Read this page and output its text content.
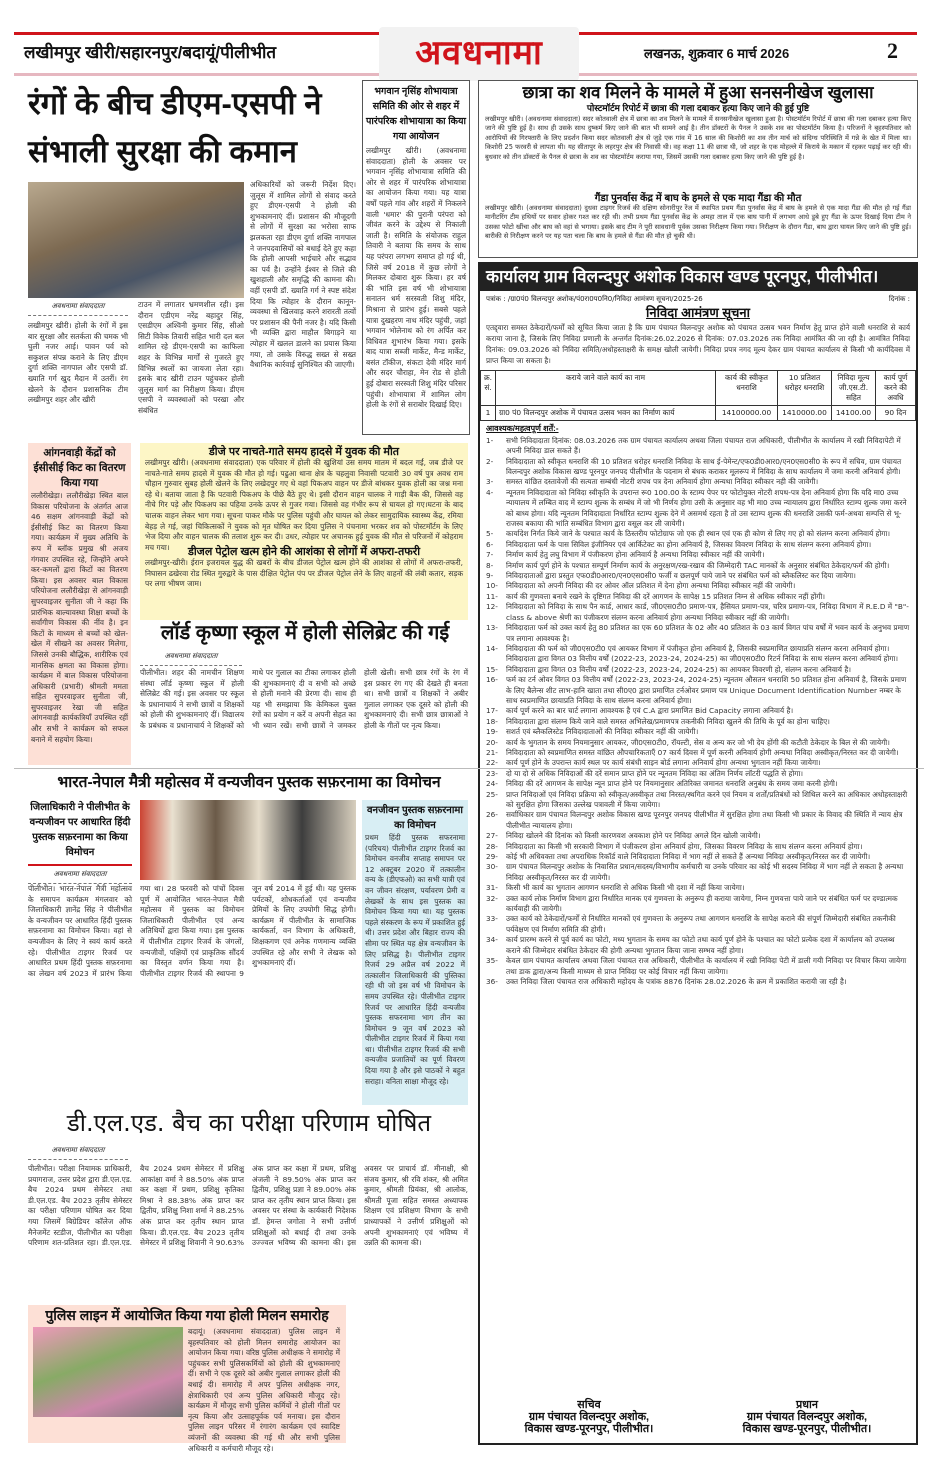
लखीमपुर खीरी/सहारनपुर/बदायूं/पीलीभीत	अवधनामा	लखनऊ, शुक्रवार 6 मार्च 2026	2
रंगों के बीच डीएम-एसपी ने संभाली सुरक्षा की कमान
अवधनामा संवाददाता
लखीमपुर खीरी। होली के रंगों में इस बार सुरक्षा और सतर्कता की चमक भी घुली नजर आई। पावन पर्व को सकुशल संपन्न कराने के लिए डीएम दुर्गा शक्ति नागपाल और एसपी डॉ. ख्याति गर्ग खुद मैदान में उतरीं। रंग खेलने के दौरान प्रशासनिक टीम लखीमपुर शहर और खीरी
टाउन में लगातार भ्रमणशील रही। इस दौरान एडीएम नरेंद्र बहादुर सिंह, एसडीएम अश्विनी कुमार सिंह, सीओ सिटी विवेक तिवारी सहित भारी दल बल शामिल रहे डीएम-एसपी का काफिला शहर के विभिन्न मार्गों से गुजरते हुए विभिन्न स्थलों का जायजा लेता रहा। इसके बाद खीरी टाउन पहुंचकर होली जुलूस मार्ग का निरीक्षण किया। डीएम एसपी ने व्यवस्थाओं को परखा और संबंधित
अधिकारियों को जरूरी निर्देश दिए। जुलूस में शामिल लोगों से संवाद करते हुए डीएम-एसपी ने होली की शुभकामनाएं दीं। प्रशासन की मौजूदगी से लोगों में सुरक्षा का भरोसा साफ झलकता रहा डीएम दुर्गा शक्ति नागपाल ने जनपदवासियों को बधाई देते हुए कहा कि होली आपसी भाईचारे और सद्भाव का पर्व है। उन्होंने ईश्वर से जिले की खुशहाली और समृद्धि की कामना की। वहीं एसपी डॉ. ख्याति गर्ग ने स्पष्ट संदेश दिया कि त्योहार के दौरान कानून-व्यवस्था से खिलवाड़ करने शरारती तत्वों पर प्रशासन की पैनी नजर है। यदि किसी भी व्यक्ति द्वारा माहौल बिगाड़ने या त्योहार में खलल डालने का प्रयास किया गया, तो उसके विरुद्ध सख्त से सख्त वैधानिक कार्रवाई सुनिश्चित की जाएगी।
भगवान नृसिंह शोभायात्रा समिति की ओर से शहर में पारंपरिक शोभायात्रा का किया गया आयोजन
लखीमपुर खीरी। (अवधनामा संवाददाता) होली के अवसर पर भगवान नृसिंह शोभायात्रा समिति की ओर से शहर में पारंपरिक शोभायात्रा का आयोजन किया गया। यह यात्रा वर्षों पहले गांव और शहरों में निकलने वाली 'धमार' की पुरानी परंपरा को जीवंत करने के उद्देश्य से निकाली जाती है। समिति के संयोजक राहुल तिवारी ने बताया कि समय के साथ यह परंपरा लगभग समाप्त हो गई थी, जिसे वर्ष 2018 में कुछ लोगों ने मिलकर दोबारा शुरू किया। हर वर्ष की भांति इस वर्ष भी शोभायात्रा सनातन धर्म सरस्वती शिशु मंदिर, मिश्राना से प्रारंभ हुई। सबसे पहले यात्रा दुखहरण नाथ मंदिर पहुंची, जहां भगवान भोलेनाथ को रंग अर्पित कर विधिवत शुभारंभ किया गया। इसके बाद यात्रा सब्जी मार्केट, मैन्ड मार्केट, बसंत टॉकीज, संकटा देवी मंदिर मार्ग और सदर चौराहा, मेन रोड से होती हुई दोबारा सरस्वती शिशु मंदिर परिसर पहुंची। शोभायात्रा में शामिल लोग होली के रंगों से सराबोर दिखाई दिए।
छात्रा का शव मिलने के मामले में हुआ सनसनीखेज खुलासा
पोस्टमॉर्टम रिपोर्ट में छात्रा की गला दबाकर हत्या किए जाने की हुई पुष्टि
लखीमपुर खीरी। (अवधनामा संवाददाता) सदर कोतवाली क्षेत्र में छात्रा का शव मिलने के मामले में सनसनीखेज खुलासा हुआ है। पोस्टमॉर्टम रिपोर्ट में छात्रा की गला दबाकर हत्या किए जाने की पुष्टि हुई है। साथ ही उसके साथ दुष्कर्म किए जाने की बात भी सामने आई है। तीन डॉक्टरों के पैनल ने उसके शव का पोस्टमॉर्टम किया है। परिजनों ने बृहस्पतिवार को आरोपियों की गिरफ्तारी के लिए प्रदर्शन किया सदर कोतवाली क्षेत्र से जुड़े एक गांव में 16 साल की किशोरी का शव तीन मार्च को संदिग्ध परिस्थिति में गन्ने के खेत में मिला था। किशोरी 25 फरवरी से लापता थी। यह सीतापुर के लहरपुर क्षेत्र की निवासी थी। वह कक्षा 11 की छात्रा थी, जो शहर के एक मोहल्ले में किराये के मकान में रहकर पढ़ाई कर रही थी। बुधवार को तीन डॉक्टरों के पैनल से छात्रा के शव का पोस्टमॉर्टम कराया गया, जिसमें उसकी गला दबाकर हत्या किए जाने की पुष्टि हुई है।
गैंडा पुनर्वास केंद्र में बाघ के हमले से एक मादा गैंडा की मौत
लखीमपुर खीरी। (अवधनामा संवाददाता) दुधवा टाइगर रिजर्व की दक्षिण सोनारीपुर रेंज में स्थापित प्रथम गैंडा पुनर्वास केंद्र में बाघ के हमले से एक मादा गैंडा की मौत हो गई गैंडा मानीटरिंग टीम हथियों पर सवार होकर गश्त कर रही थी। तभी प्रथम गैंडा पुनर्वास केंद्र के अमहा ताल में एक बाघ पानी में लगभग आधे डूबे हुए गैंडा के ऊपर दिखाई दिया टीम ने उसका फोटो खींचा और बाघ को वहां से भगाया। इसके बाद टीम ने पूरी सावधानी पूर्वक उसका निरीक्षण किया गया। निरीक्षण के दौरान गैंडा, बाघ द्वारा घायल किए जाने की पुष्टि हुई। बारीकी से निरीक्षण करने पर यह पता चला कि बाघ के हमले से गैंडा की मौत हो चुकी थी।
कार्यालय ग्राम विलन्दपुर अशोक विकास खण्ड पूरनपुर, पीलीभीत।
पत्रांक : /ग्रा0पं0 विलन्दपुर अशोक/पं0रा0प0नि0/निविदा आमंत्रण सूचना/2025-26	दिनांक :
निविदा आमंत्रण सूचना
एतद्द्वारा समस्त ठेकेदारों/फर्मों को सूचित किया जाता है कि ग्राम पंचायत विलन्दपुर अशोक को पंचायत उत्सव भवन निर्माण हेतु प्राप्त होने वाली धनराशि से कार्य कराया जाना है, जिसके लिए निविदा प्रणाली के अन्तर्गत दिनांक:26.02.2026 से दिनांक: 07.03.2026 तक निविदा आमंत्रित की जा रही है। आमंत्रित निविदा दिनांक: 09.03.2026 को निविदा समिति/अधोहस्ताक्षरी के समक्ष खोली जायेगी। निविदा प्रपत्र नगद मूल्य देकर ग्राम पंचायत कार्यालय से किसी भी कार्यदिवस में प्राप्त किया जा सकता है।
क्र. सं.	कराये जाने वाले कार्य का नाम	कार्य की स्वीकृत धनराशि	10 प्रतिशत धरोहर धनराशि	निविदा मूल्य जी.एस.टी. सहित	कार्य पूर्ण करने की अवधि
1	ग्रा0 पं0 विलन्दपुर अशोक में पंचायत उत्सव भवन का निर्माण कार्य	14100000.00	1410000.00	14100.00	90 दिन
आवश्यक/महत्वपूर्ण शर्तें:-
1-	सभी निविदादाता दिनांक: 08.03.2026 तक ग्राम पंचायत कार्यालय अथवा जिला पंचायत राज अधिकारी, पीलीभीत के कार्यालय में रखी निविदापेटी में अपनी निविदा डाल सकते हैं।
2-	निविदादाता को स्वीकृत धनराशि की 10 प्रतिशत धरोहर धनराशि निविदा के साथ ई-पेमेन्ट/एफ0डी0आर0/एन0एस0सी0 के रूप में सचिव, ग्राम पंचायत विलन्दपुर अशोक विकास खण्ड पूरनपुर जनपद पीलीभीत के पदनाम से बंधक कराकर मूलरूप में निविदा के साथ कार्यालय में जमा करनी अनिवार्य होगी।
3-	समस्त वांछित दस्तावेजों की सत्यता सम्बंधी नोटरी शपथ पत्र देना अनिवार्य होगा अन्यथा निविदा स्वीकार नही की जावेगी।
4-	न्यूनतम निविदादाता को निविदा स्वीकृति के उपरान्त रू0 100.00 के स्टाम्प पेपर पर फोटोयुक्त नोटरी शपथ-पत्र देना अनिवार्य होगा कि यदि मा0 उच्च न्यायालय में लम्बित वाद में स्टाम्प शुल्क के सम्बंध में जो भी निर्णय होगा उसी के अनुसार वह भी मा0 उच्च न्यायालय द्वारा निर्धारित स्टाम्प शुल्क जमा करने को बाध्य होगा। यदि न्यूनतम निविदादाता निर्धारित स्टाम्प शुल्क देने में असमर्थ रहता है तो उस स्टाम्प शुल्क की धनराशि उसकी फर्म-अथवा सम्पत्ति से भू-राजस्व बकाया की भांति सम्बंधित विभाग द्वारा वसूल कर ली जायेगी।
5-	कार्यादेश निर्गत किये जाने के पश्चात कार्य के ठिस्तरीय फोटोग्राफ जो एक ही स्थान एवं एक ही कोण से लिए गए हो को संलग्न करना अनिवार्य होगा।
6-	निविदादाता फर्म के पास सिविल इंजीनियर एवं आर्किटेक्ट का होना अनिवार्य है, जिसका विवरण निविदा के साथ संलग्न करना अनिवार्य होगा।
7-	निर्माण कार्य हेतु लघु विभाग में पंजीकरण होना अनिवार्य है अन्यथा निविदा स्वीकार नहीं की जायेगी।
8-	निर्माण कार्य पूर्ण होने के पश्चात सम्पूर्ण निर्माण कार्य के अनुरक्षण/रख-रखाव की जिम्मेदारी TAC मानकों के अनुसार संबंधित ठेकेदार/फर्म की होगी।
9-	निविदादाताओं द्वारा प्रस्तुत एफ0डी0आर0/एन0एस0सी0 फर्जी व छलपूर्ण पाये जाने पर संबंधित फर्म को ब्लैकलिस्ट कर दिया जायेगा।
10-	निविदादाता को अपनी निविदा की दर ओवर ऑल प्रतिशत में देना होगा अन्यथा निविदा स्वीकार नहीं की जायेगी।
11-	कार्य की गुणवत्ता बनाये रखने के दृष्टिगत निविदा की दरें आगणन के सापेक्ष 15 प्रतिशत निम्न से अधिक स्वीकार नहीं होंगी।
12-	निविदादाता को निविदा के साथ पैन कार्ड, आधार कार्ड, जी0एस0टी0 प्रमाण-पत्र, हैसियत प्रमाण-पत्र, चरित्र प्रमाण-पत्र, निविदा विभाग में R.E.D में "B"- class & above श्रेणी का पंजीकरण संलग्न करना अनिवार्य होगा अन्यथा निविदा स्वीकार नहीं की जायेगी।
13-	निविदादाता फर्म को उक्त कार्य हेतु 80 प्रतिशत का एक 60 प्रतिशत के 02 और 40 प्रतिशत के 03 कार्य विगत पांच वर्षों में भवन कार्य के अनुभव प्रमाण पत्र लगाना आवश्यक है।
14-	निविदादाता की फर्म को जी0एस0टी0 एवं आयकर विभाग में पंजीकृत होना अनिवार्य है, जिसकी स्वप्रमाणित छायाप्रति संलग्न करना अनिवार्य होगा। निविदादाता द्वारा विगत 03 वित्तीय वर्षों (2022-23, 2023-24, 2024-25) का जी0एस0टी0 रिटर्न निविदा के साथ संलग्न करना अनिवार्य होगा।
15-	निविदादाता द्वारा विगत 03 वित्तीय वर्षों (2022-23, 2023-24, 2024-25) का आयकर विवरणी हो, संलग्न करना अनिवार्य है।
16-	फर्म का टर्न ओवर विगत 03 वित्तीय वर्षों (2022-23, 2023-24, 2024-25) न्यूनतम औसतन धनराशि 50 प्रतिशत होना अनिवार्य है, जिसके प्रमाण के लिए बैलेन्स शीट लाभ-हानि खाता तथा सी0ए0 द्वारा प्रमाणित टर्नओवर प्रमाण पत्र Unique Document Identification Number नम्बर के साथ स्वप्रमाणित छायाप्रति निविदा के साथ संलग्न करना अनिवार्य होगा।
17-	कार्य पूर्ण करने का बार चार्ट लगाना आवश्यक है एवं C.A द्वारा प्रमाणित Bid Capacity लगाना अनिवार्य है।
18-	निविदादाता द्वारा संलग्न किये जाने वाले समस्त अभिलेख/प्रमाणपत्र तकनीकी निविदा खुलने की तिथि के पूर्व का होना चाहिए।
19-	सशर्त एवं ब्लैकलिस्टेड निविदादाताओं की निविदा स्वीकार नहीं की जायेगी।
20-	कार्य के भुगतान के समय नियमानुसार आयकर, जी0एस0टी0, रॉयल्टी, सेस व अन्य कर जो भी देय होंगी की कटौती ठेकेदार के बिल से की जायेगी।
21-	निविदादाता को स्वप्रमाणित समस्त वांछित औपचारिकताएँ 07 कार्य दिवस में पूर्ण करनी अनिवार्य होगी अन्यथा निविदा अस्वीकृत/निरस्त कर दी जायेगी।
22-	कार्य पूर्ण होने के उपरान्त कार्य स्थल पर कार्य संबंधी साइन बोर्ड लगाना अनिवार्य होगा अन्यथा भुगतान नहीं किया जायेगा।
23-	दो या दो से अधिक निविदाओं की दरें समान प्राप्त होने पर न्यूनतम निविदा का अंतिम निर्णय लॉटरी पद्धति से होगा।
24-	निविदा की दरें आगणन के सापेक्ष न्यून प्राप्त होने पर नियमानुसार अतिरिक्त जमानत धनराशि अनुबंध के समय जमा करनी होगी।
25-	प्राप्त निविदाओं एवं निविदा प्रक्रिया को स्वीकृत/अस्वीकृत तथा निरस्त/स्थगित करने एवं नियम व शर्तों/प्रतिबंधों को शिथिल करने का अधिकार अधोहस्ताक्षरी को सुरक्षित होगा जिसका उल्लेख पत्रावली में किया जायेगा।
26-	सर्वाधिकार ग्राम पंचायत विलन्दपुर अशोक विकास खण्ड पूरनपुर जनपद पीलीभीत में सुरक्षित होगा तथा किसी भी प्रकार के विवाद की स्थिति में न्याय क्षेत्र पीलीभीत न्यायालय होगा।
27-	निविदा खोलने की दिनांक को किसी कारणवश अवकाश होने पर निविदा अगले दिन खोली जायेगी।
28-	निविदादाता का किसी भी सरकारी विभाग में पंजीकरण होना अनिवार्य होगा, जिसका विवरण निविदा के साथ संलग्न करना अनिवार्य होगा।
29-	कोई भी अधिवक्ता तथा अपराधिक रिकॉर्ड वाले निविदादाता निविदा में भाग नहीं ले सकते हैं अन्यथा निविदा अस्वीकृत/निरस्त कर दी जायेगी।
30-	ग्राम पंचायत विलन्दपुर अशोक के निवासित प्रधान/सदस्य/विभागीय कर्मचारी या उनके परिवार का कोई भी सदस्य निविदा में भाग नहीं ले सकता है अन्यथा निविदा अस्वीकृत/निरस्त कर दी जायेगी।
31-	किसी भी कार्य का भुगतान आगणन धनराशि से अधिक किसी भी दशा में नहीं किया जायेगा।
32-	उक्त कार्य लोक निर्माण विभाग द्वारा निर्धारित मानक एवं गुणवत्ता के अनुरूप ही कराया जायेगा, निम्न गुणवत्ता पाये जाने पर संबंधित फर्म पर दण्डात्मक कार्यवाही की जायेगी।
33-	उक्त कार्य को ठेकेदारों/फर्मों से निर्धारित मानकों एवं गुणवत्ता के अनुरूप तथा आगणन धनराशि के सापेक्ष कराने की संपूर्ण जिम्मेदारी संबंधित तकनीकी पर्यवेक्षण एवं निर्माण समिति की होगी।
34-	कार्य प्रारम्भ करने से पूर्व कार्य का फोटो, मध्य भुगतान के समय का फोटो तथा कार्य पूर्ण होने के पश्चात का फोटो प्रत्येक दशा में कार्यालय को उपलब्ध कराने की जिम्मेदार संबंधित ठेकेदार की होगी अन्यथा भुगतान किया जाना सम्भव नहीं होगा।
35-	केवल ग्राम पंचायत कार्यालय अथवा जिला पंचायत राज अधिकारी, पीलीभीत के कार्यालय में रखी निविदा पेटी में डाली गयी निविदा पर विचार किया जायेगा तथा डाक द्वारा/अन्य किसी माध्यम से प्राप्त निविदा पर कोई विचार नहीं किया जायेगा।
36-	उक्त निविदा जिला पंचायत राज अधिकारी महोदय के पत्रांक 8876 दिनांक 28.02.2026 के क्रम में प्रकाशित करायी जा रही है।
सचिव
ग्राम पंचायत विलन्दपुर अशोक,
विकास खण्ड-पूरनपुर, पीलीभीत।
प्रधान
ग्राम पंचायत विलन्दपुर अशोक,
विकास खण्ड-पूरनपुर, पीलीभीत।
आंगनवाड़ी केंद्रों को ईसीसीई किट का वितरण किया गया
ललौरीखेड़ा। ललौरीखेड़ा स्थित बाल विकास परियोजना के अंतर्गत आज 46 सक्षम आंगनवाड़ी केंद्रों को ईसीसीई किट का वितरण किया गया। कार्यक्रम में मुख्य अतिथि के रूप में ब्लॉक प्रमुख श्री अजय गंगवार उपस्थित रहे, जिन्होंने अपने कर-कमलों द्वारा किटों का वितरण किया। इस अवसर बाल विकास परियोजना ललौरीखेड़ा से आंगनवाड़ी सुपरवाइजर सुनीता जी ने कहा कि प्रारंभिक बाल्यावस्था शिक्षा बच्चों के सर्वांगीण विकास की नींव है। इन किटों के माध्यम से बच्चों को खेल-खेल में सीखने का अवसर मिलेगा, जिससे उनकी बौद्धिक, शारीरिक एवं मानसिक क्षमता का विकास होगा। कार्यक्रम में बाल विकास परियोजना अधिकारी (प्रभारी) श्रीमती ममता सहित सुपरवाइजर सुनीता जी, सुपरवाइजर रेखा जी सहित आंगनवाड़ी कार्यकत्रियाँ उपस्थित रहीं और सभी ने कार्यक्रम को सफल बनाने में सहयोग किया।
डीजे पर नाचते-गाते समय हादसे में युवक की मौत
लखीमपुर खीरी। (अवधनामा संवाददाता) एक परिवार में होली की खुशियां उस समय मातम में बदल गईं, जब डीजे पर नाचते-गाते समय हादसे में युवक की मौत हो गई। पढुआ थाना क्षेत्र के चहलुवा निवासी पटवारी 30 वर्ष पुत्र अवध राम चौहान गुरुवार सुबह होली खेलने के लिए लखेदपुर गए थे वहां पिकअप वाहन पर डीजे बांधकर युवक होली का जश्न मना रहे थे। बताया जाता है कि पटवारी पिकअप के पीछे बैठे हुए थे। इसी दौरान वाहन चालक ने गाड़ी बैक की, जिससे वह नीचे गिर पड़े और पिकअप का पहिया उनके ऊपर से गुजर गया। जिससे वह गंभीर रूप से घायल हो गए।घटना के बाद चालक वाहन लेकर भाग गया। सूचना पाकर मौके पर पुलिस पहुंची और घायल को लेकर सामुदायिक स्वास्थ्य केंद्र, रमिया बेहड़ ले गई, जहां चिकित्सकों ने युवक को मृत घोषित कर दिया पुलिस ने पंचनामा भरकर शव को पोस्टमॉर्टम के लिए भेज दिया और वाहन चालक की तलाश शुरू कर दी। उधर, त्योहार पर अचानक हुई युवक की मौत से परिजनों में कोहराम मच गया।	डीजल पेट्रोल खत्म होने की आशंका से लोगों में अफरा-तफरी
लखीमपुर-खीरी। ईरान इजरायल युद्ध की खबरों के बीच डीजल पेट्रोल खत्म होने की आशंका से लोगों में अफरा-तफरी, निघासन ढखेरवा रोड स्थित गुरुद्वारे के पास दीक्षित पेट्रोल पंप पर डीजल पेट्रोल लेने के लिए वाहनों की लंबी कतार, सड़क पर लगा भीषण जाम।
लॉर्ड कृष्णा स्कूल में होली सेलिब्रेट की गई
अवधनामा संवाददाता
पीलीभीत। शहर की नामचीन शिक्षण संस्था लॉर्ड कृष्णा स्कूल में होली सेलिब्रेट की गई। इस अवसर पर स्कूल के प्रधानाचार्य ने सभी छात्रों व शिक्षकों को होली की शुभकामनाएं दीं। विद्यालय के प्रबंधक व प्रधानाचार्य ने शिक्षकों को माथे पर गुलाल का टीका लगाकर होली की शुभकामनाएं दी व सभी को अच्छे से होली मनाने की प्रेरणा दी। साथ ही यह भी समझाया कि केमिकल युक्त रंगों का प्रयोग न करें व अपनी सेहत का भी ध्यान रखें। सभी छात्रों ने जमकर होली खेली। सभी छात्र रंगों के रंग में इस प्रकार रंग गए की देखते ही बनता था। सभी छात्रों व शिक्षकों ने अबीर गुलाल लगाकर एक दूसरे को होली की शुभकामनाएं दी। सभी छात्र छात्राओं ने होली के गीतों पर नृत्य किया।
भारत-नेपाल मैत्री महोत्सव में वन्यजीवन पुस्तक सफ़रनामा का विमोचन
जिलाधिकारी ने पीलीभीत के वन्यजीवन पर आधारित हिंदी पुस्तक सफ़रनामा का किया विमोचन
अवधनामा संवाददाता
पीलीभीत। भारत-नेपाल मैत्री महोत्सव के समापन कार्यक्रम मंगलवार को जिलाधिकारी ज्ञानेंद्र सिंह ने पीलीभीत के वन्यजीवन पर आधारित हिंदी पुस्तक सफ़रनामा का विमोचन किया। वहां से वन्यजीवन के लिए ने स्वयं कार्य करते रहे। पीलीभीत टाइगर रिजर्व पर आधारित प्रथम हिंदी पुस्तक सफ़रनामा का लेखन वर्ष 2023 में प्रारंभ किया गया था। 28 फरवरी को पांचों दिवस पूर्ण में आयोजित भारत-नेपाल मैत्री महोत्सव में पुस्तक का विमोचन जिलाधिकारी पीलीभीत एवं अन्य अतिथियों द्वारा किया गया। इस पुस्तक में पीलीभीत टाइगर रिजर्व के जंगलों, वन्यजीवों, पक्षियों एवं प्राकृतिक सौंदर्य का विस्तृत वर्णन किया गया है। पीलीभीत टाइगर रिजर्व की स्थापना 9 जून वर्ष 2014 में हुई थी। यह पुस्तक पर्यटकों, शोधकर्ताओं एवं वन्यजीव प्रेमियों के लिए उपयोगी सिद्ध होगी। कार्यक्रम में पीलीभीत के सामाजिक कार्यकर्ता, वन विभाग के अधिकारी, शिक्षकगण एवं अनेक गणमान्य व्यक्ति उपस्थित रहे और सभी ने लेखक को शुभकामनाएं दीं।
वनजीवन पुस्तक सफ़रनामा का विमोचन
प्रथम हिंदी पुस्तक सफरनामा (परिचय) पीलीभीत टाइगर रिजर्व का विमोचन वनजीव सप्ताह समापन पर 12 अक्टूबर 2020 में तत्कालीन वन्य के (डीएफओ) का सभी यात्री एवं वन जीवन संरक्षण, पर्यावरण प्रेमी व लेखकों के साथ इस पुस्तक का विमोचन किया गया था। यह पुस्तक पहले संस्करण के रूप में प्रकाशित हुई थी। उत्तर प्रदेश और बिहार राज्य की सीमा पर स्थित यह क्षेत्र वन्यजीवन के लिए प्रसिद्ध है। पीलीभीत टाइगर रिजर्व 29 अप्रैल वर्ष 2022 में तत्कालीन जिलाधिकारी की पुस्तिका रही थी जो इस वर्ष भी विमोचन के समय उपस्थित रहे। पीलीभीत टाइगर रिजर्व पर आधारित हिंदी वन्यजीव पुस्तक सफरनामा भाग तीन का विमोचन 9 जून वर्ष 2023 को पीलीभीत टाइगर रिजर्व में किया गया था। पीलीभीत टाइगर रिजर्व की सभी वन्यजीव प्रजातियों का पूर्ण विवरण दिया गया है और इसे पाठकों ने बहुत सराहा। वनिता साक्षा मौजूद रहे।
डी.एल.एड. बैच का परीक्षा परिणाम घोषित
अवधनामा संवाददाता
पीलीभीत। परीक्षा नियामक प्राधिकारी, प्रयागराज, उत्तर प्रदेश द्वारा डी.एल.एड. बैच 2024 प्रथम सेमेस्टर तथा डी.एल.एड. बैच 2023 तृतीय सेमेस्टर का परीक्षा परिणाम घोषित कर दिया गया जिसमें बिग्रेडियर कॉलेज ऑफ मैनेजमेंट स्टडीज, पीलीभीत का परीक्षा परिणाम शत-प्रतिशत रहा। डी.एल.एड. बैच 2024 प्रथम सेमेस्टर में प्रशिक्षु आकांक्षा वर्मा ने 88.50% अंक प्राप्त कर कक्षा में प्रथम, प्रशिक्षु कृतिका मिश्रा ने 88.38% अंक प्राप्त कर द्वितीय, प्रशिक्षु निशा शर्मा ने 88.25% अंक प्राप्त कर तृतीय स्थान प्राप्त किया। डी.एल.एड. बैच 2023 तृतीय सेमेस्टर में प्रशिक्षु शिवानी ने 90.63% अंक प्राप्त कर कक्षा में प्रथम, प्रशिक्षु अंजली ने 89.50% अंक प्राप्त कर द्वितीय, प्रशिक्षु प्रज्ञा ने 89.00% अंक प्राप्त कर तृतीय स्थान प्राप्त किया। इस अवसर पर संस्था के कार्यकारी निदेशक डॉ. हेमन्त जगोता ने सभी उत्तीर्ण प्रशिक्षुओं को बधाई दी तथा उनके उज्ज्वल भविष्य की कामना की। इस अवसर पर प्राचार्य डॉ. मीनाक्षी, श्री संजय कुमार, श्री रवि शंकर, श्री अमित कुमार, श्रीमती प्रियंका, श्री आलोक, श्रीमती पूजा सहित समस्त अध्यापक शिक्षण एवं प्रशिक्षण विभाग के सभी प्राध्यापकों ने उत्तीर्ण प्रशिक्षुओं को अपनी शुभकामनाएं एवं भविष्य में उन्नति की कामना की।
पुलिस लाइन में आयोजित किया गया होली मिलन समारोह
बदायूं। (अवधनामा संवाददाता) पुलिस लाइन में बृहस्पतिवार को होली मिलन समारोह आयोजन का आयोजन किया गया। वरिष्ठ पुलिस अधीक्षक ने समारोह में पहुंचकर सभी पुलिसकर्मियों को होली की शुभकामनाएं दीं। सभी ने एक दूसरे को अबीर गुलाल लगाकर होली की बधाई दी। समारोह में अपर पुलिस अधीक्षक नगर, क्षेत्राधिकारी एवं अन्य पुलिस अधिकारी मौजूद रहे। कार्यक्रम में मौजूद सभी पुलिस कर्मियों ने होली गीतों पर नृत्य किया और उत्साहपूर्वक पर्व मनाया। इस दौरान पुलिस लाइन परिसर में रंगारंग कार्यक्रम एवं स्वादिष्ट व्यंजनों की व्यवस्था की गई थी और सभी पुलिस अधिकारी व कर्मचारी मौजूद रहे।
